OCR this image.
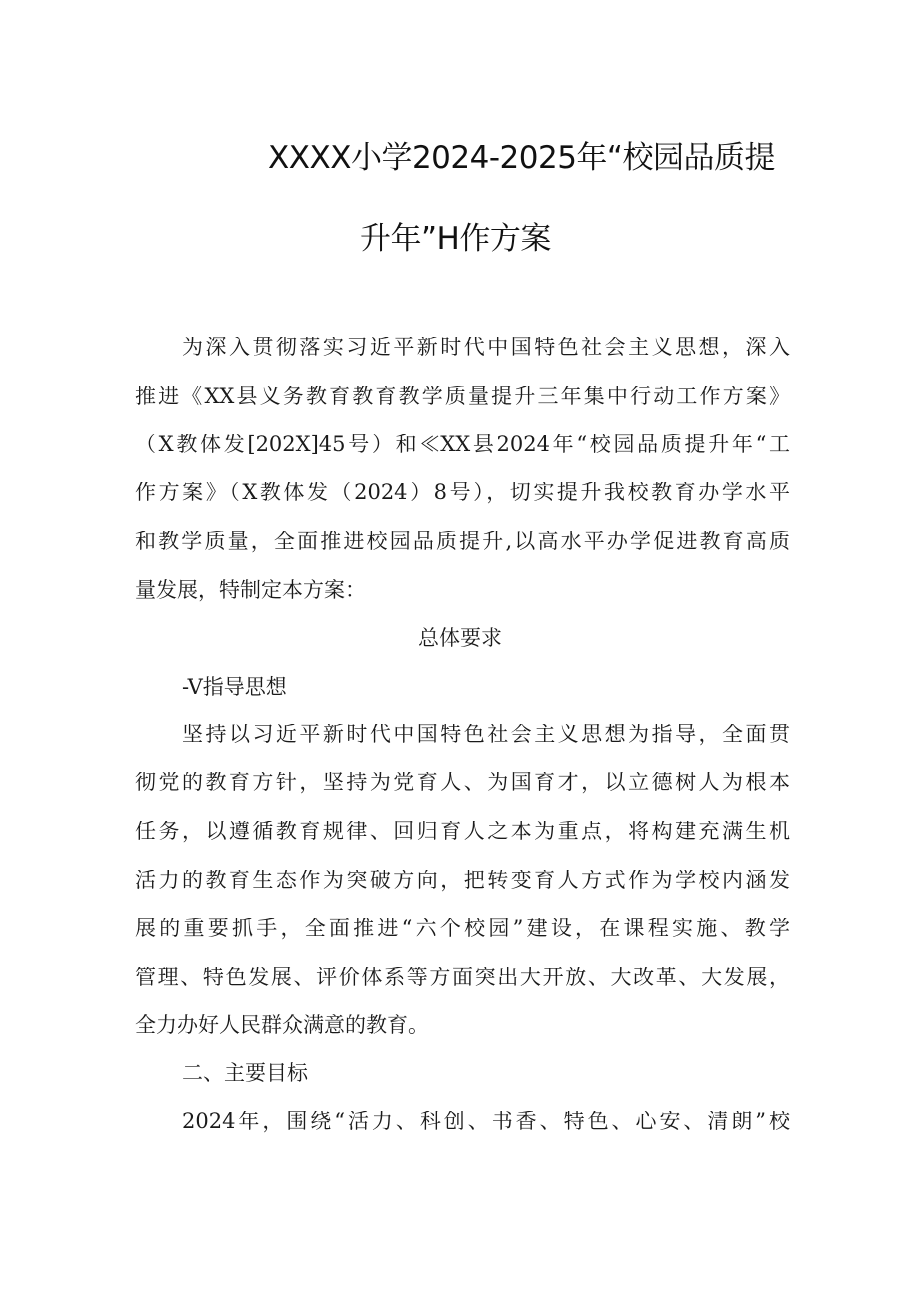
XXXX小学2024-2025年“校园品质提
升年”H作方案
为深入贯彻落实习近平新时代中国特色社会主义思想，深入
推进《XX县义务教育教育教学质量提升三年集中行动工作方案》
（X教体发[202X]45号）和≪XX县2024年“校园品质提升年“工
作方案》（X教体发（2024）8号），切实提升我校教育办学水平
和教学质量，全面推进校园品质提升,以高水平办学促进教育高质
量发展，特制定本方案：
总体要求
-V指导思想
坚持以习近平新时代中国特色社会主义思想为指导，全面贯
彻党的教育方针，坚持为党育人、为国育才，以立德树人为根本
任务，以遵循教育规律、回归育人之本为重点，将构建充满生机
活力的教育生态作为突破方向，把转变育人方式作为学校内涵发
展的重要抓手，全面推进“六个校园”建设，在课程实施、教学
管理、特色发展、评价体系等方面突出大开放、大改革、大发展，
全力办好人民群众满意的教育。
二、主要目标
2024年，围绕“活力、科创、书香、特色、心安、清朗”校
